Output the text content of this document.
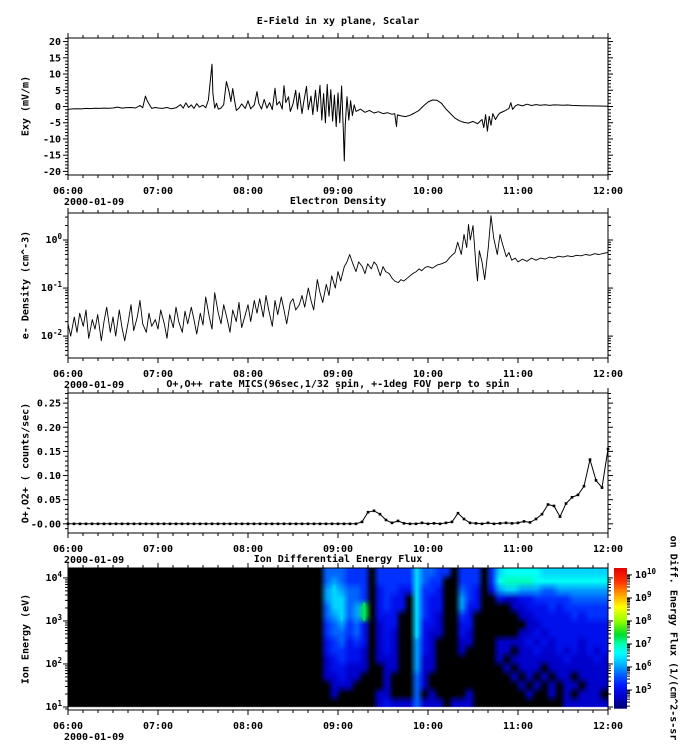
06:00	07:00	08:00	09:00	10:00	11:00	12:00
-20
-15
-10
-5
0
5
10
15
20
06:00	07:00	08:00	09:00	10:00	11:00	12:00
$10^0$
$10^{-1}$
$10^{-2}$
06:00	07:00	08:00	09:00	10:00	11:00	12:00
-0.00
0.05
0.10
0.15
0.20
0.25
06:00	07:00	08:00	09:00	10:00	11:00	12:00
$10^4$
$10^3$
$10^2$
$10^1$
$10^{10}$
$10^9$
$10^8$
$10^7$
$10^6$
$10^5$
E-Field in xy plane, Scalar
Electron Density
O+,O++ rate MICS(96sec,1/32 spin, +-1deg FOV perp to spin
Ion Differential Energy Flux
Exy (mV/m)
e- Density (cm^-3)
O+,O2+ ( counts/sec)
Ion Energy (eV)
2000-01-09
2000-01-09
2000-01-09
2000-01-09	on Diff. Energy Flux (1/(cm^2-s-sr
